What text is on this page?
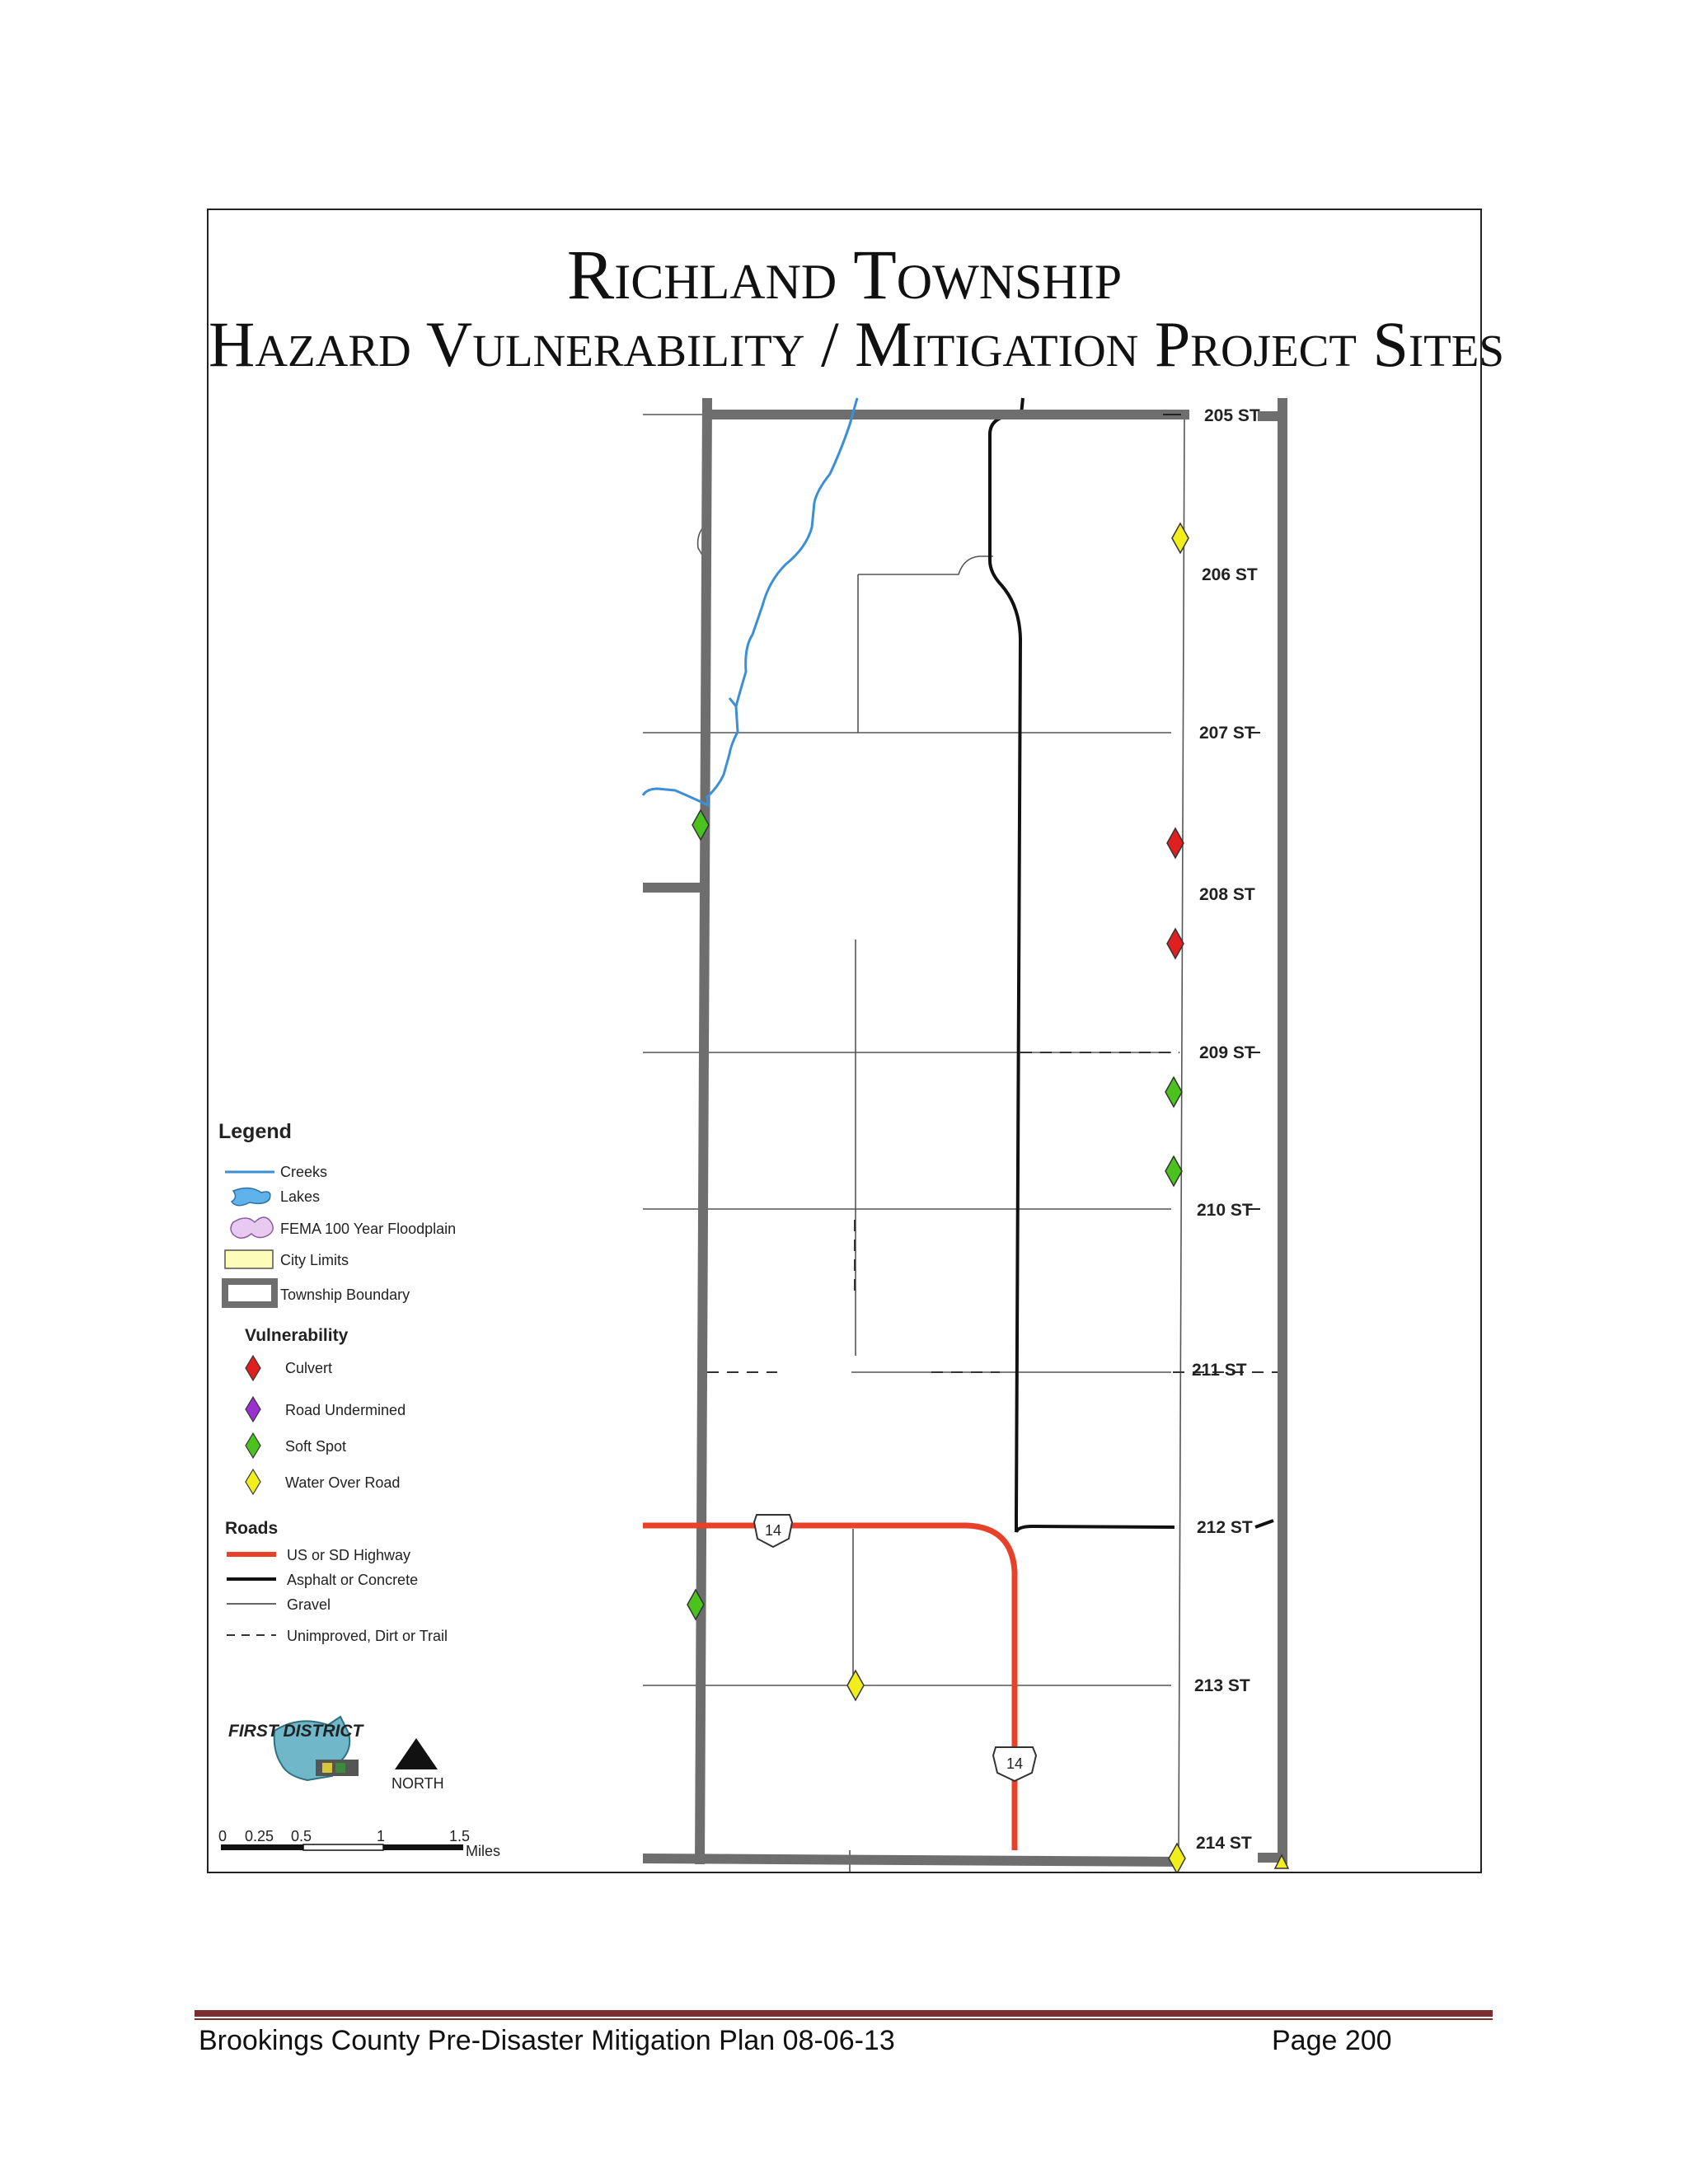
Richland Township
Hazard Vulnerability / Mitigation Project Sites
14
14
205 ST
206 ST
207 ST
208 ST
209 ST
210 ST
211 ST
212 ST
213 ST
214 ST
Legend
Creeks
Lakes
FEMA 100 Year Floodplain
City Limits
Township Boundary
Vulnerability
Culvert
Road Undermined
Soft Spot
Water Over Road
Roads
US or SD Highway
Asphalt or Concrete
Gravel
Unimproved, Dirt or Trail
FIRST DISTRICT
NORTH
0 0.25 0.5	1	1.5
Miles
Brookings County Pre-Disaster Mitigation Plan 08-06-13	Page 200
